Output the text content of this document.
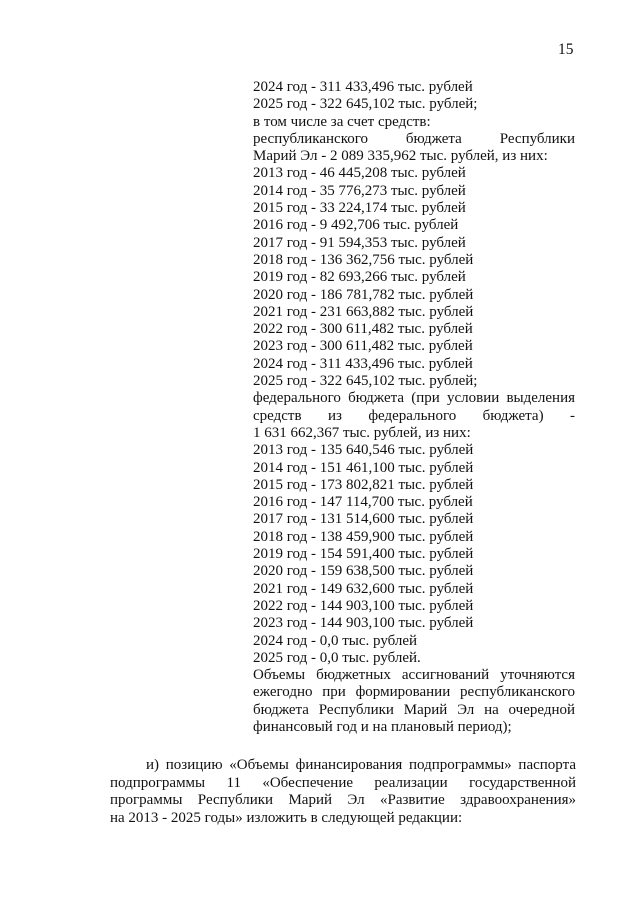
15
2024 год - 311 433,496 тыс. рублей
2025 год - 322 645,102 тыс. рублей;
в том числе за счет средств:
республиканского бюджета Республики
Марий Эл - 2 089 335,962 тыс. рублей, из них:
2013 год - 46 445,208 тыс. рублей
2014 год - 35 776,273 тыс. рублей
2015 год - 33 224,174 тыс. рублей
2016 год - 9 492,706 тыс. рублей
2017 год - 91 594,353 тыс. рублей
2018 год - 136 362,756 тыс. рублей
2019 год - 82 693,266 тыс. рублей
2020 год - 186 781,782 тыс. рублей
2021 год - 231 663,882 тыс. рублей
2022 год - 300 611,482 тыс. рублей
2023 год - 300 611,482 тыс. рублей
2024 год - 311 433,496 тыс. рублей
2025 год - 322 645,102 тыс. рублей;
федерального бюджета (при условии выделения
средств из федерального бюджета) -
1 631 662,367 тыс. рублей, из них:
2013 год - 135 640,546 тыс. рублей
2014 год - 151 461,100 тыс. рублей
2015 год - 173 802,821 тыс. рублей
2016 год - 147 114,700 тыс. рублей
2017 год - 131 514,600 тыс. рублей
2018 год - 138 459,900 тыс. рублей
2019 год - 154 591,400 тыс. рублей
2020 год - 159 638,500 тыс. рублей
2021 год - 149 632,600 тыс. рублей
2022 год - 144 903,100 тыс. рублей
2023 год - 144 903,100 тыс. рублей
2024 год - 0,0 тыс. рублей
2025 год - 0,0 тыс. рублей.
Объемы бюджетных ассигнований уточняются
ежегодно при формировании республиканского
бюджета Республики Марий Эл на очередной
финансовый год и на плановый период);
и) позицию «Объемы финансирования подпрограммы» паспорта
подпрограммы 11 «Обеспечение реализации государственной
программы Республики Марий Эл «Развитие здравоохранения»
на 2013 - 2025 годы» изложить в следующей редакции:
